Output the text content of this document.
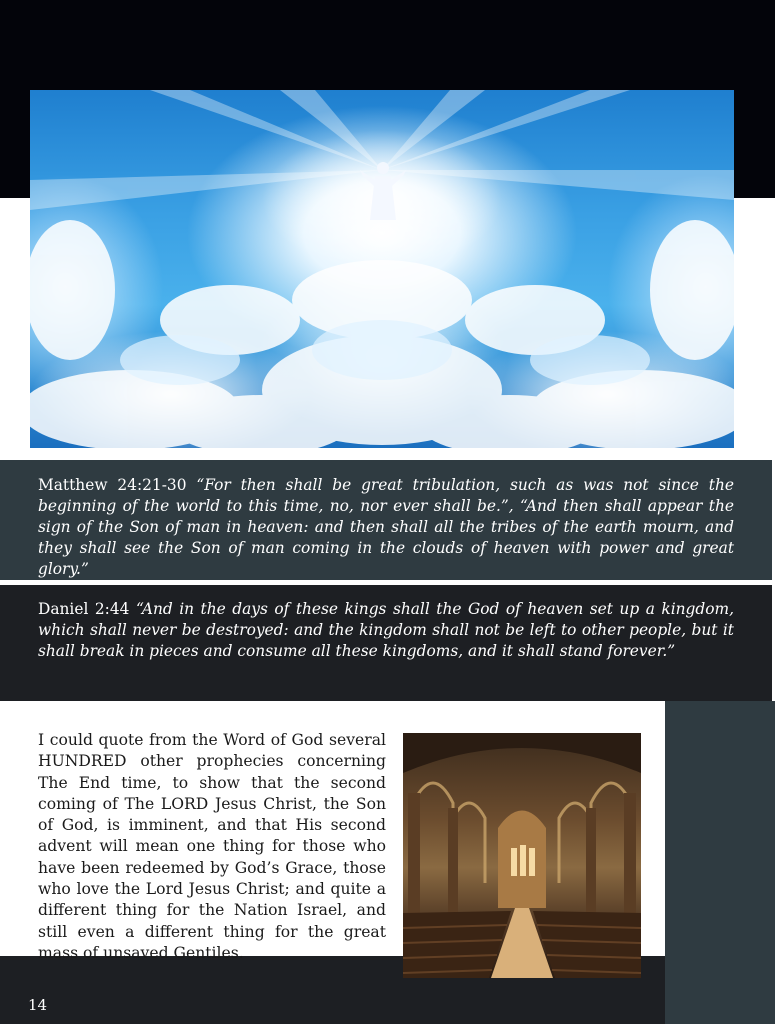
Matthew 24:21-30 “For then shall be great tribulation, such as was not since the beginning of the world to this time, no, nor ever shall be.”, “And then shall appear the sign of the Son of man in heaven: and then shall all the tribes of the earth mourn, and they shall see the Son of man coming in the clouds of heaven with power and great glory.”
Daniel 2:44 “And in the days of these kings shall the God of heaven set up a kingdom, which shall never be destroyed: and the kingdom shall not be left to other people, but it shall break in pieces and consume all these kingdoms, and it shall stand forever.”
I could quote from the Word of God several HUNDRED other prophecies concerning The End time, to show that the second coming of The LORD Jesus Christ, the Son of God, is imminent, and that His second advent will mean one thing for those who have been redeemed by God’s Grace, those who love the Lord Jesus Christ; and quite a different thing for the Nation Israel, and still even a different thing for the great mass of unsaved Gentiles.
14
